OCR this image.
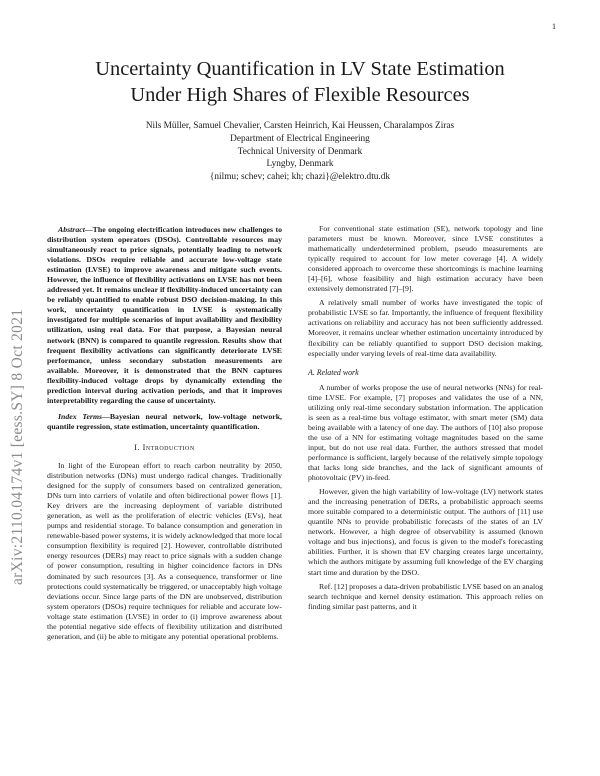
1
arXiv:2110.04174v1 [eess.SY] 8 Oct 2021
Uncertainty Quantification in LV State Estimation
Under High Shares of Flexible Resources
Nils Müller, Samuel Chevalier, Carsten Heinrich, Kai Heussen, Charalampos Ziras
Department of Electrical Engineering
Technical University of Denmark
Lyngby, Denmark
{nilmu; schev; cahei; kh; chazi}@elektro.dtu.dk
Abstract—The ongoing electrification introduces new challenges to distribution system operators (DSOs). Controllable resources may simultaneously react to price signals, potentially leading to network violations. DSOs require reliable and accurate low-voltage state estimation (LVSE) to improve awareness and mitigate such events. However, the influence of flexibility activations on LVSE has not been addressed yet. It remains unclear if flexibility-induced uncertainty can be reliably quantified to enable robust DSO decision-making. In this work, uncertainty quantification in LVSE is systematically investigated for multiple scenarios of input availability and flexibility utilization, using real data. For that purpose, a Bayesian neural network (BNN) is compared to quantile regression. Results show that frequent flexibility activations can significantly deteriorate LVSE performance, unless secondary substation measurements are available. Moreover, it is demonstrated that the BNN captures flexibility-induced voltage drops by dynamically extending the prediction interval during activation periods, and that it improves interpretability regarding the cause of uncertainty.
Index Terms—Bayesian neural network, low-voltage network, quantile regression, state estimation, uncertainty quantification.
I. Introduction

In light of the European effort to reach carbon neutrality by 2050, distribution networks (DNs) must undergo radical changes. Traditionally designed for the supply of consumers based on centralized generation, DNs turn into carriers of volatile and often bidirectional power flows [1]. Key drivers are the increasing deployment of variable distributed generation, as well as the proliferation of electric vehicles (EVs), heat pumps and residential storage. To balance consumption and generation in renewable-based power systems, it is widely acknowledged that more local consumption flexibility is required [2]. However, controllable distributed energy resources (DERs) may react to price signals with a sudden change of power consumption, resulting in higher coincidence factors in DNs dominated by such resources [3]. As a consequence, transformer or line protections could systematically be triggered, or unacceptably high voltage deviations occur. Since large parts of the DN are unobserved, distribution system operators (DSOs) require techniques for reliable and accurate low-voltage state estimation (LVSE) in order to (i) improve awareness about the potential negative side effects of flexibility utilization and distributed generation, and (ii) be able to mitigate any potential operational problems.

For conventional state estimation (SE), network topology and line parameters must be known. Moreover, since LVSE constitutes a mathematically underdetermined problem, pseudo measurements are typically required to account for low meter coverage [4]. A widely considered approach to overcome these shortcomings is machine learning [4]–[6], whose feasibility and high estimation accuracy have been extensively demonstrated [7]–[9].

A relatively small number of works have investigated the topic of probabilistic LVSE so far. Importantly, the influence of frequent flexibility activations on reliability and accuracy has not been sufficiently addressed. Moreover, it remains unclear whether estimation uncertainty introduced by flexibility can be reliably quantified to support DSO decision making, especially under varying levels of real-time data availability.

A. Related work

A number of works propose the use of neural networks (NNs) for real-time LVSE. For example, [7] proposes and validates the use of a NN, utilizing only real-time secondary substation information. The application is seen as a real-time bus voltage estimator, with smart meter (SM) data being available with a latency of one day. The authors of [10] also propose the use of a NN for estimating voltage magnitudes based on the same input, but do not use real data. Further, the authors stressed that model performance is sufficient, largely because of the relatively simple topology that lacks long side branches, and the lack of significant amounts of photovoltaic (PV) in-feed.

However, given the high variability of low-voltage (LV) network states and the increasing penetration of DERs, a probabilistic approach seems more suitable compared to a deterministic output. The authors of [11] use quantile NNs to provide probabilistic forecasts of the states of an LV network. However, a high degree of observability is assumed (known voltage and bus injections), and focus is given to the model's forecasting abilities. Further, it is shown that EV charging creates large uncertainty, which the authors mitigate by assuming full knowledge of the EV charging start time and duration by the DSO.

Ref. [12] proposes a data-driven probabilistic LVSE based on an analog search technique and kernel density estimation. This approach relies on finding similar past patterns, and it
